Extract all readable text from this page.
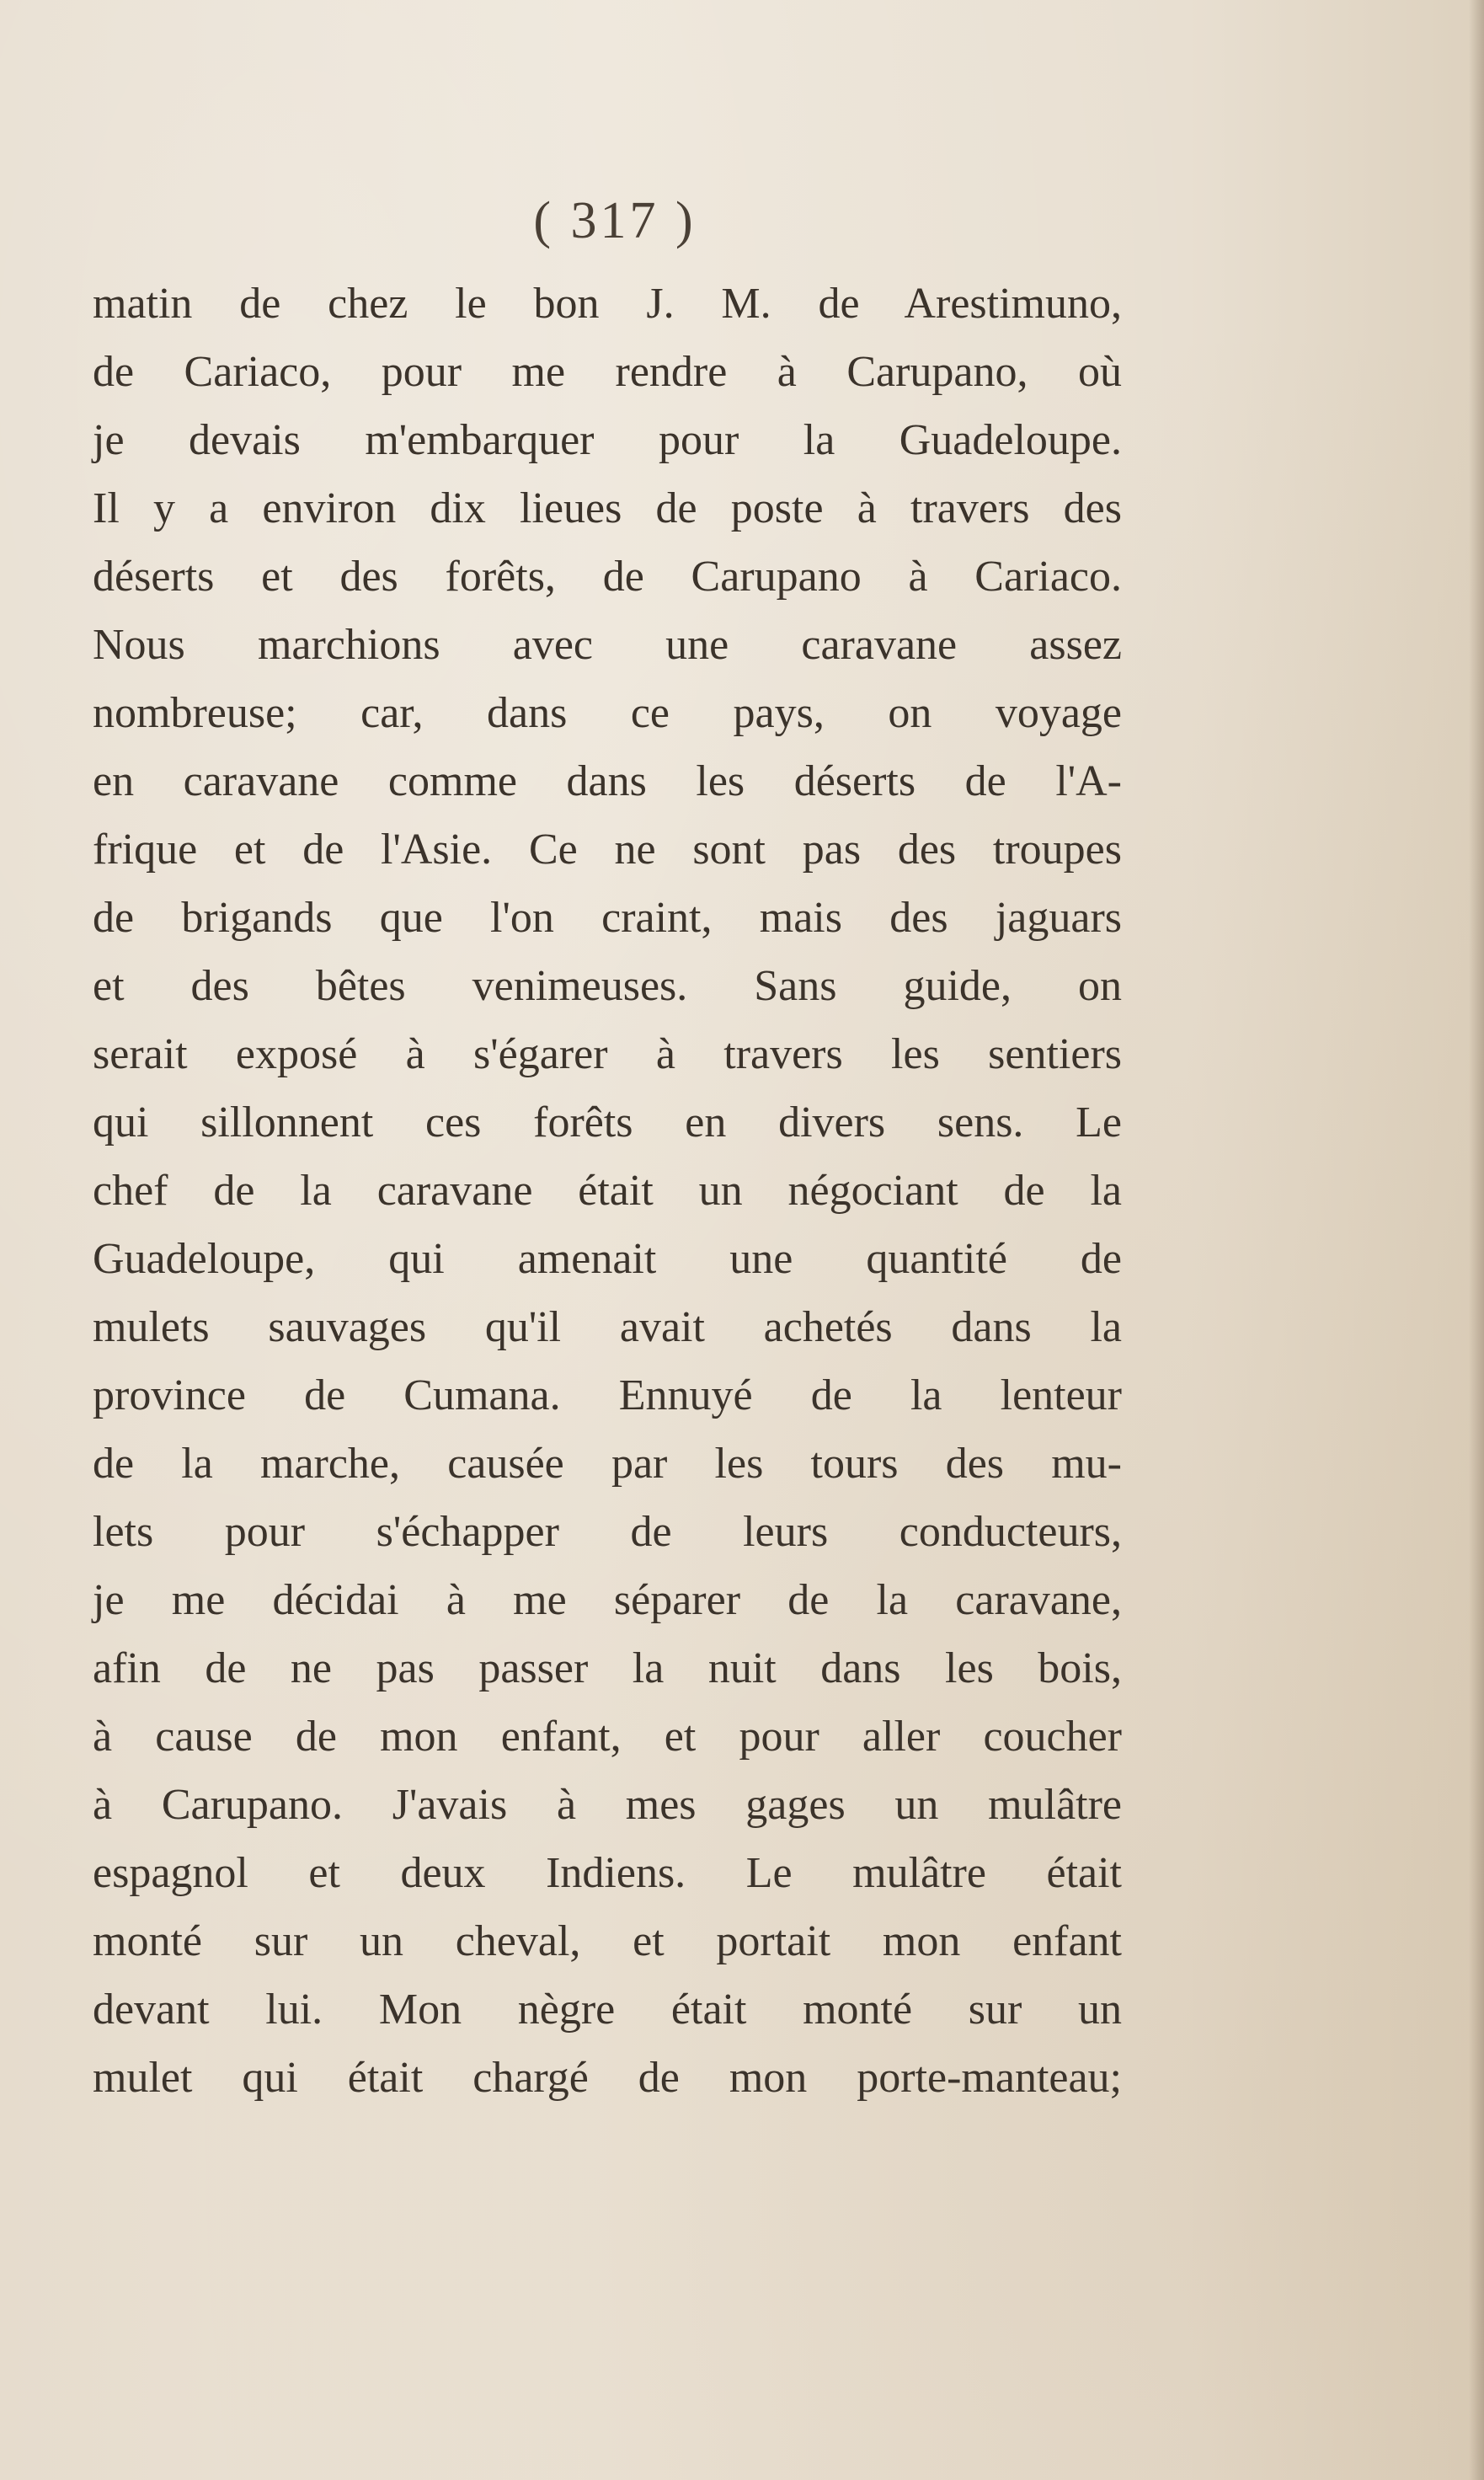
( 317 )
matin de chez le bon J. M. de Arestimuno,
de Cariaco, pour me rendre à Carupano, où
je devais m'embarquer pour la Guadeloupe.
Il y a environ dix lieues de poste à travers des
déserts et des forêts, de Carupano à Cariaco.
Nous marchions avec une caravane assez
nombreuse; car, dans ce pays, on voyage
en caravane comme dans les déserts de l'A-
frique et de l'Asie. Ce ne sont pas des troupes
de brigands que l'on craint, mais des jaguars
et des bêtes venimeuses. Sans guide, on
serait exposé à s'égarer à travers les sentiers
qui sillonnent ces forêts en divers sens. Le
chef de la caravane était un négociant de la
Guadeloupe, qui amenait une quantité de
mulets sauvages qu'il avait achetés dans la
province de Cumana. Ennuyé de la lenteur
de la marche, causée par les tours des mu-
lets pour s'échapper de leurs conducteurs,
je me décidai à me séparer de la caravane,
afin de ne pas passer la nuit dans les bois,
à cause de mon enfant, et pour aller coucher
à Carupano. J'avais à mes gages un mulâtre
espagnol et deux Indiens. Le mulâtre était
monté sur un cheval, et portait mon enfant
devant lui. Mon nègre était monté sur un
mulet qui était chargé de mon porte-manteau;
